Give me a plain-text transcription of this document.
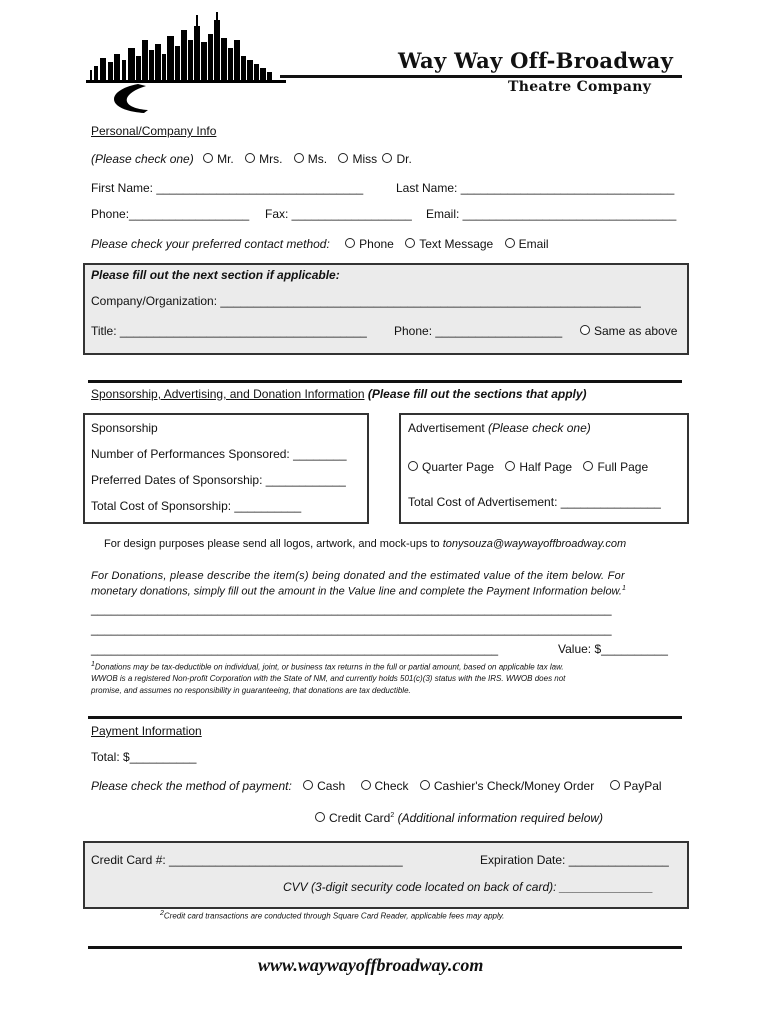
Way Way Off-Broadway
Theatre Company
Personal/Company Info
(Please check one) Mr. Mrs. Ms. Miss Dr.
First Name: _______________________________	Last Name: ________________________________
Phone:__________________ Fax: __________________ Email: ________________________________
Please check your preferred contact method: Phone Text Message Email
Please fill out the next section if applicable:
Company/Organization: _______________________________________________________________
Title: _____________________________________ Phone: ___________________	Same as above
Sponsorship, Advertising, and Donation Information (Please fill out the sections that apply)
Sponsorship
Number of Performances Sponsored: ________
Preferred Dates of Sponsorship: ____________
Total Cost of Sponsorship: __________
Advertisement (Please check one)
Quarter Page Half Page Full Page
Total Cost of Advertisement: _______________
For design purposes please send all logos, artwork, and mock-ups to tonysouza@waywayoffbroadway.com
For Donations, please describe the item(s) being donated and the estimated value of the item below. For
monetary donations, simply fill out the amount in the Value line and complete the Payment Information below.$^1$
______________________________________________________________________________
______________________________________________________________________________
_____________________________________________________________	Value: $__________
$^1$Donations may be tax-deductible on individual, joint, or business tax returns in the full or partial amount, based on applicable tax law.
WWOB is a registered Non-profit Corporation with the State of NM, and currently holds 501(c)(3) status with the IRS. WWOB does not
promise, and assumes no responsibility in guaranteeing, that donations are tax deductible.
Payment Information
Total: $__________
Please check the method of payment: Cash Check Cashier's Check/Money Order PayPal
Credit Card$^2$ (Additional information required below)
Credit Card #: ___________________________________	Expiration Date: _______________
CVV (3-digit security code located on back of card): ______________
$^2$Credit card transactions are conducted through Square Card Reader, applicable fees may apply.
www.waywayoffbroadway.com
